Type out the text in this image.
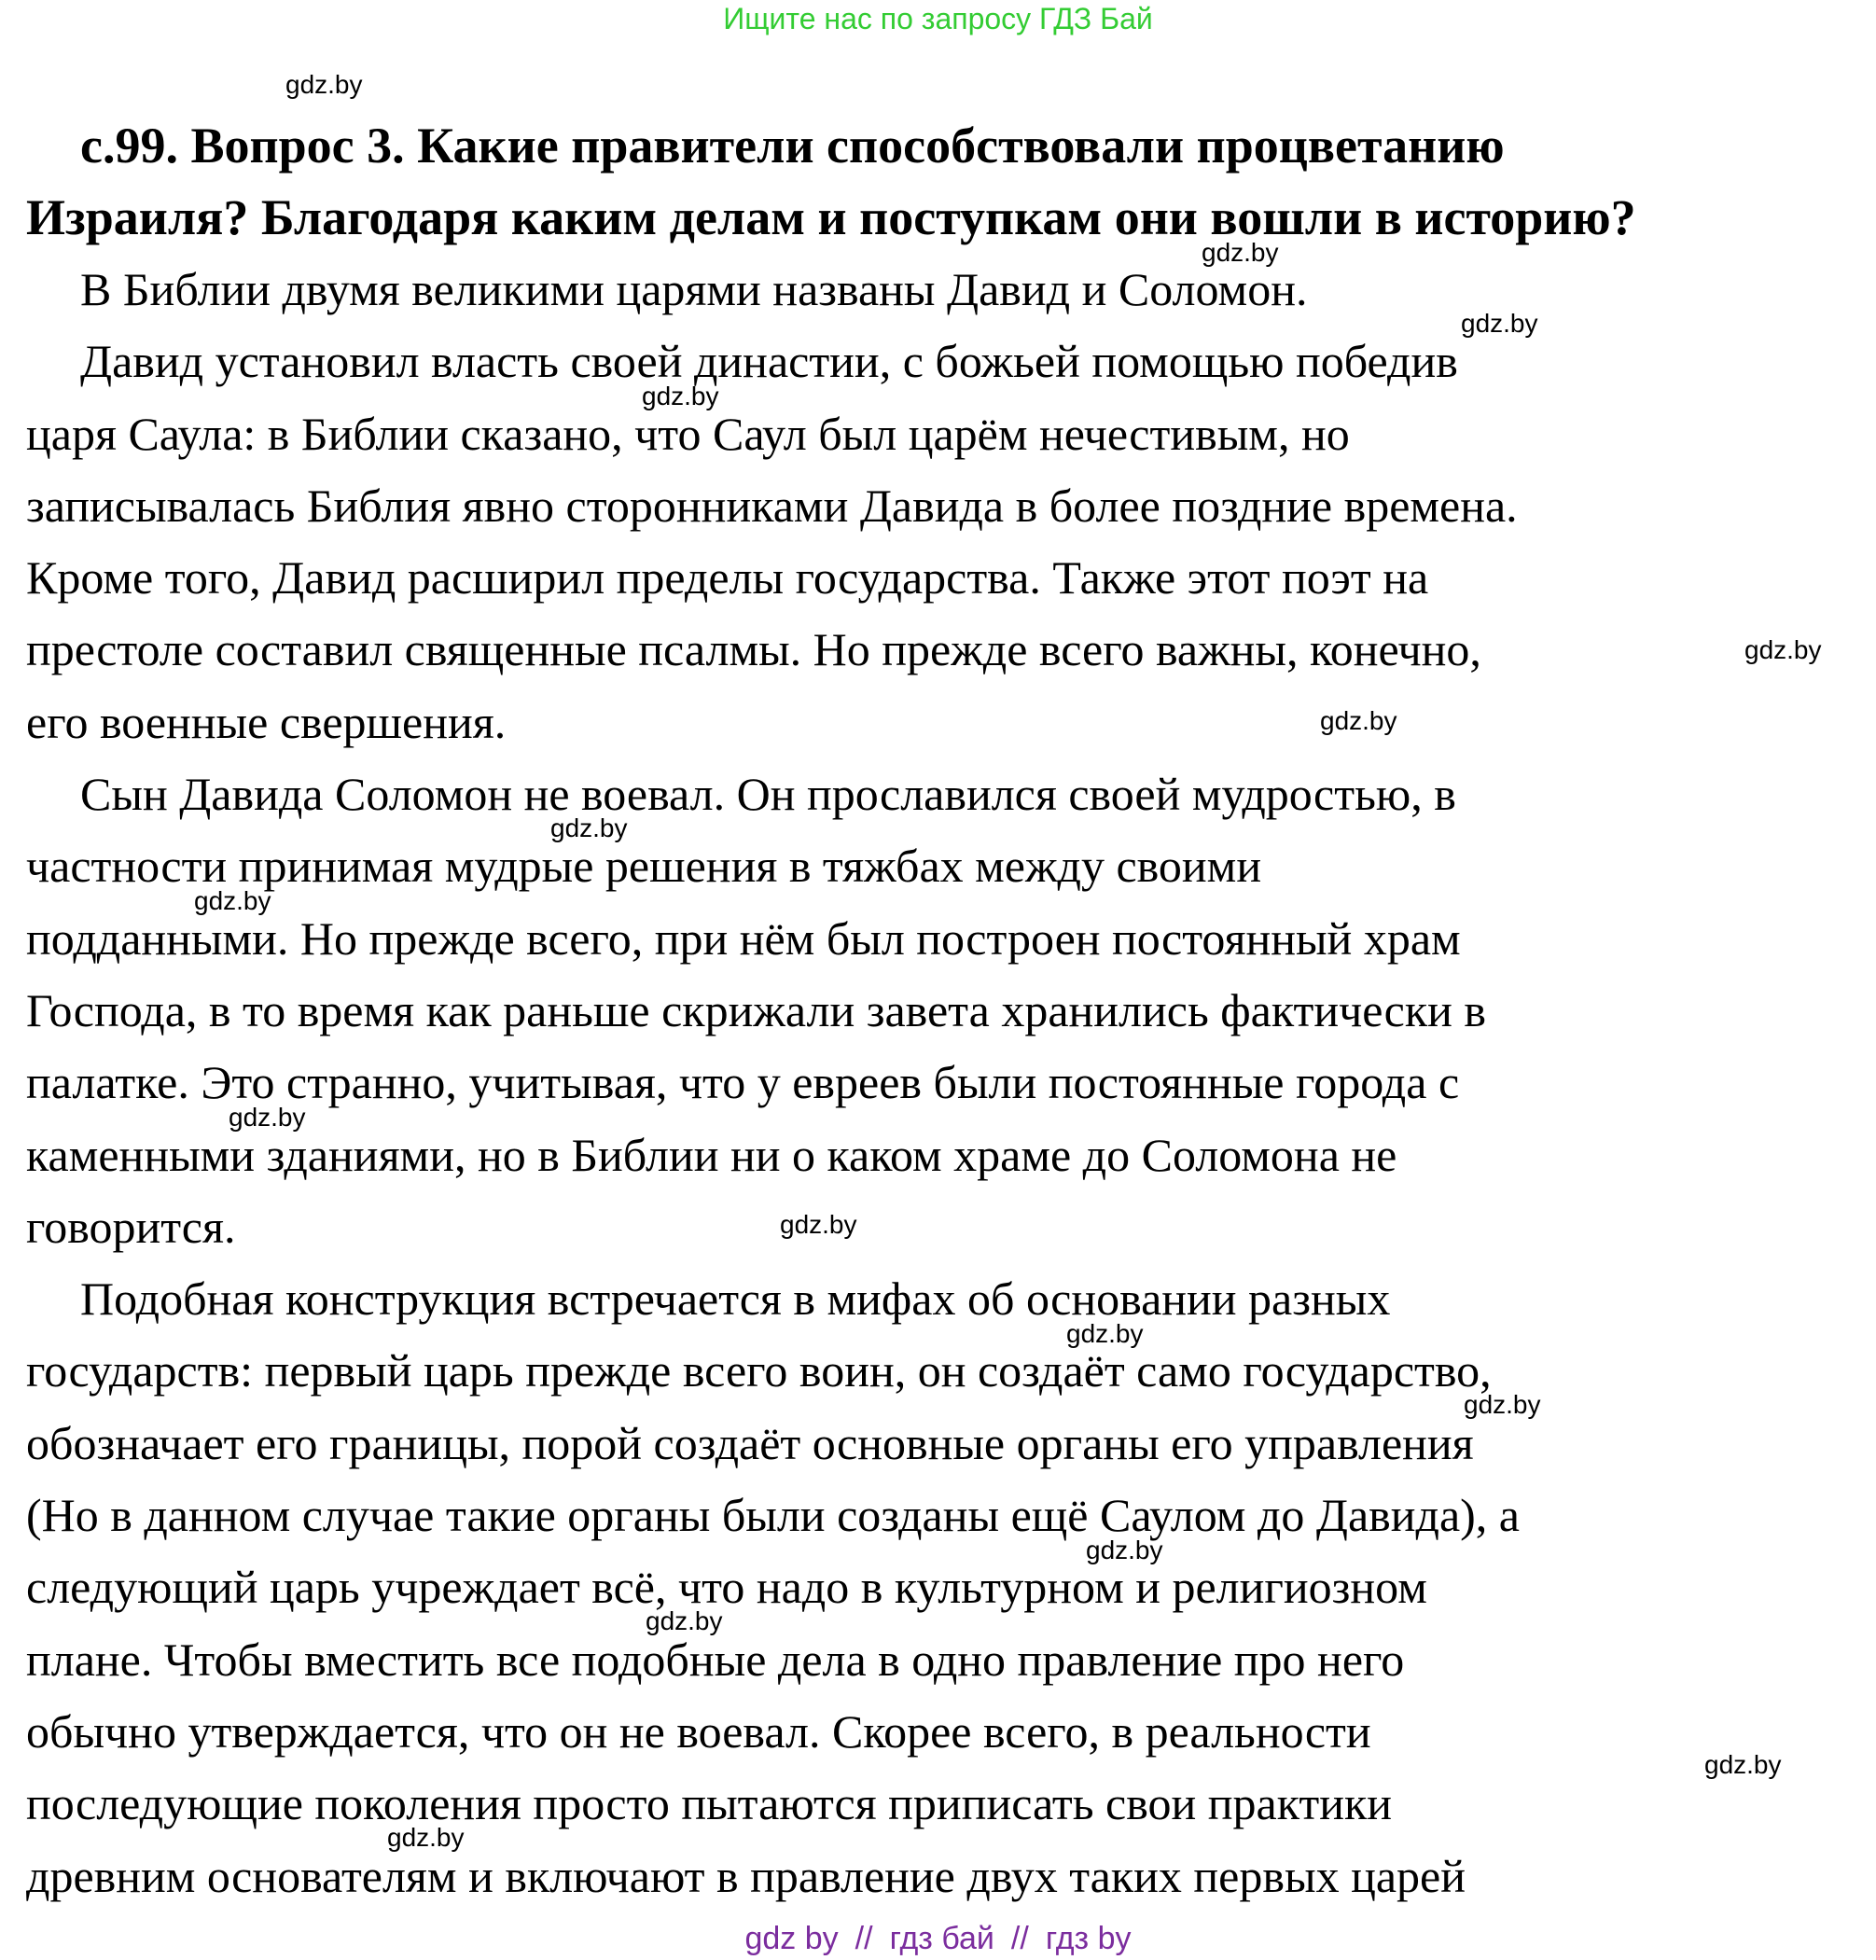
Ищите нас по запросу ГДЗ Бай
gdz.by
с.99. Вопрос 3. Какие правители способствовали процветанию
Израиля? Благодаря каким делам и поступкам они вошли в историю?

В Библии двумя великими царями названы Давид и Соломон.

Давид установил власть своей династии, с божьей помощью победив
царя Саула: в Библии сказано, что Саул был царём нечестивым, но
записывалась Библия явно сторонниками Давида в более поздние времена.
Кроме того, Давид расширил пределы государства. Также этот поэт на
престоле составил священные псалмы. Но прежде всего важны, конечно,
его военные свершения.

Сын Давида Соломон не воевал. Он прославился своей мудростью, в
частности принимая мудрые решения в тяжбах между своими
подданными. Но прежде всего, при нём был построен постоянный храм
Господа, в то время как раньше скрижали завета хранились фактически в
палатке. Это странно, учитывая, что у евреев были постоянные города с
каменными зданиями, но в Библии ни о каком храме до Соломона не
говорится.

Подобная конструкция встречается в мифах об основании разных
государств: первый царь прежде всего воин, он создаёт само государство,
обозначает его границы, порой создаёт основные органы его управления
(Но в данном случае такие органы были созданы ещё Саулом до Давида), а
следующий царь учреждает всё, что надо в культурном и религиозном
плане. Чтобы вместить все подобные дела в одно правление про него
обычно утверждается, что он не воевал. Скорее всего, в реальности
последующие поколения просто пытаются приписать свои практики
древним основателям и включают в правление двух таких первых царей

gdz.by
gdz.by
gdz.by
gdz.by
gdz.by
gdz.by
gdz.by
gdz.by
gdz.by
gdz.by
gdz.by
gdz.by
gdz.by
gdz.by
gdz.by
gdz by // гдз бай // гдз by
